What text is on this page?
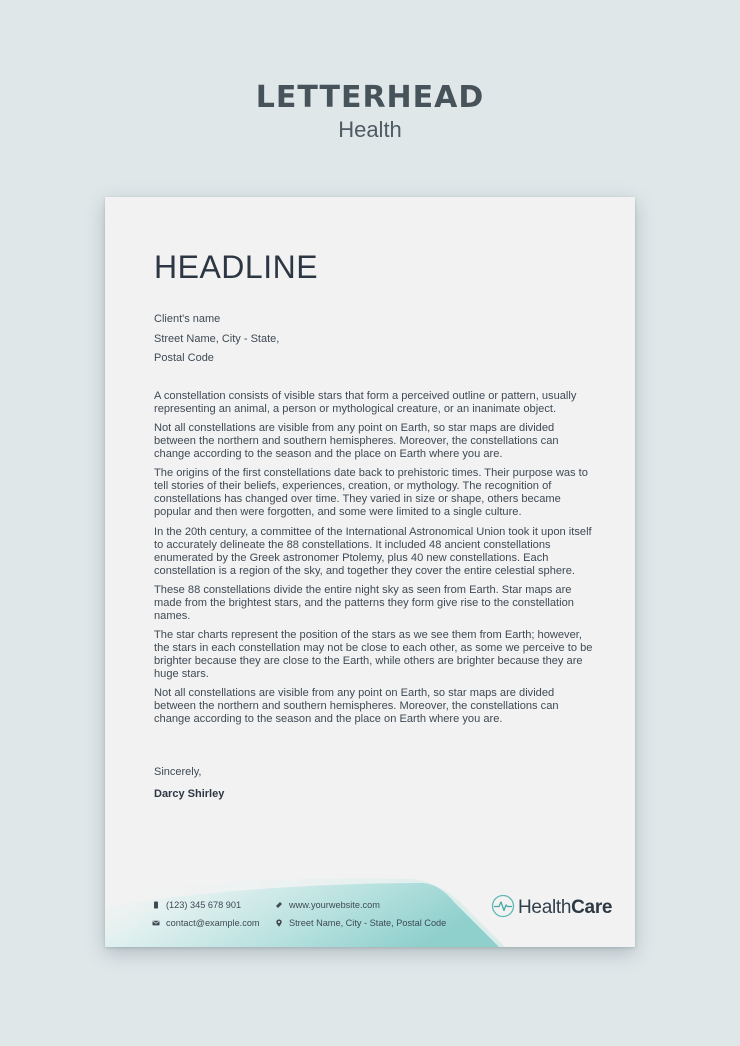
LETTERHEAD
Health
HEADLINE
Client's name
Street Name, City - State,
Postal Code

A constellation consists of visible stars that form a perceived outline or pattern, usually representing an animal, a person or mythological creature, or an inanimate object.

Not all constellations are visible from any point on Earth, so star maps are divided between the northern and southern hemispheres. Moreover, the constellations can change according to the season and the place on Earth where you are.

The origins of the first constellations date back to prehistoric times. Their purpose was to tell stories of their beliefs, experiences, creation, or mythology. The recognition of constellations has changed over time. They varied in size or shape, others became popular and then were forgotten, and some were limited to a single culture.

In the 20th century, a committee of the International Astronomical Union took it upon itself to accurately delineate the 88 constellations. It included 48 ancient constellations enumerated by the Greek astronomer Ptolemy, plus 40 new constellations. Each constellation is a region of the sky, and together they cover the entire celestial sphere.

These 88 constellations divide the entire night sky as seen from Earth. Star maps are made from the brightest stars, and the patterns they form give rise to the constellation names.

The star charts represent the position of the stars as we see them from Earth; however, the stars in each constellation may not be close to each other, as some we perceive to be brighter because they are close to the Earth, while others are brighter because they are huge stars.

Not all constellations are visible from any point on Earth, so star maps are divided between the northern and southern hemispheres. Moreover, the constellations can change according to the season and the place on Earth where you are.

Sincerely,
Darcy Shirley
(123) 345 678 901
contact@example.com
www.yourwebsite.com
Street Name, City - State, Postal Code
HealthCare
